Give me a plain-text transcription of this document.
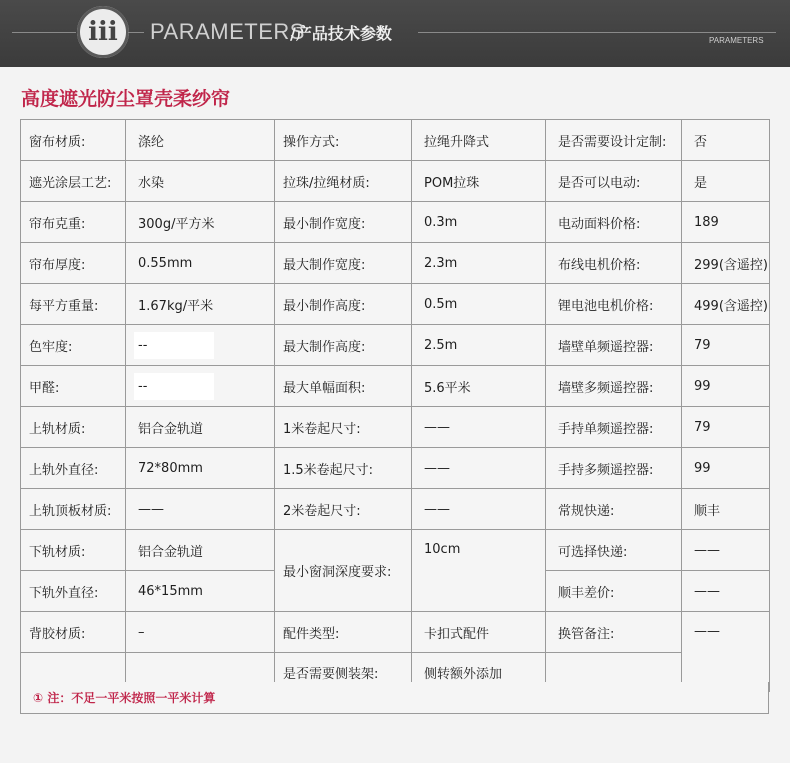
iii PARAMETERS
/产品技术参数	PARAMETERS
高度遮光防尘罩壳柔纱帘
窗布材质:	涤纶	操作方式:	拉绳升降式	是否需要设计定制:	否
遮光涂层工艺:	水染	拉珠/拉绳材质:	POM拉珠	是否可以电动:	是
帘布克重:	300g/平方米	最小制作宽度:	0.3m	电动面料价格:	189
帘布厚度:	0.55mm	最大制作宽度:	2.3m	布线电机价格:	299(含遥控)
每平方重量:	1.67kg/平米	最小制作高度:	0.5m	锂电池电机价格:	499(含遥控)
色牢度:	--	最大制作高度:	2.5m	墙壁单频遥控器:	79
甲醛:	--	最大单幅面积:	5.6平米	墙壁多频遥控器:	99
上轨材质:	铝合金轨道	1米卷起尺寸:	——	手持单频遥控器:	79
上轨外直径:	72*80mm	1.5米卷起尺寸:	——	手持多频遥控器:	99
上轨顶板材质:	——	2米卷起尺寸:	——	常规快递:	顺丰
下轨材质:	铝合金轨道	最小窗洞深度要求:	10cm	可选择快递:	——
下轨外直径:	46*15mm			顺丰差价:	——
背胶材质:	–	配件类型:	卡扣式配件	换管备注:	——
		是否需要侧装架:	侧转额外添加		
① 注：不足一平米按照一平米计算
